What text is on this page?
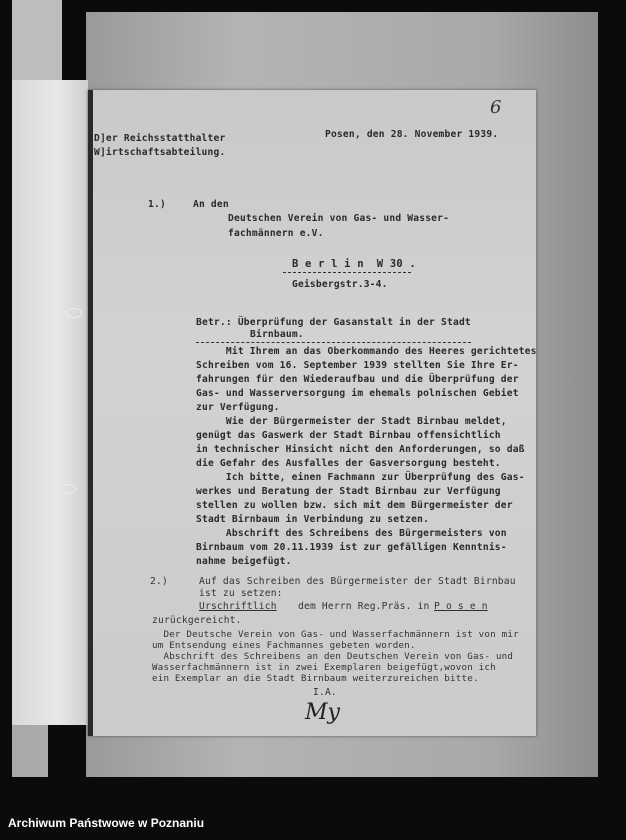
6
[D]er Reichsstatthalter
[W]irtschaftsabteilung.
Posen, den 28. November 1939.
1.)	An den
Deutschen Verein von Gas- und Wasser-
fachmännern e.V.
B e r l i n  W 30 .
Geisbergstr.3-4.
Betr.: Überprüfung der Gasanstalt in der Stadt
Birnbaum.
Mit Ihrem an das Oberkommando des Heeres gerichtetes
Schreiben vom 16. September 1939 stellten Sie Ihre Er-
fahrungen für den Wiederaufbau und die Überprüfung der
Gas- und Wasserversorgung im ehemals polnischen Gebiet
zur Verfügung.
Wie der Bürgermeister der Stadt Birnbau meldet,
genügt das Gaswerk der Stadt Birnbau offensichtlich
in technischer Hinsicht nicht den Anforderungen, so daß
die Gefahr des Ausfalles der Gasversorgung besteht.
Ich bitte, einen Fachmann zur Überprüfung des Gas-
werkes und Beratung der Stadt Birnbau zur Verfügung
stellen zu wollen bzw. sich mit dem Bürgermeister der
Stadt Birnbaum in Verbindung zu setzen.
Abschrift des Schreibens des Bürgermeisters von
Birnbaum vom 20.11.1939 ist zur gefälligen Kenntnis-
nahme beigefügt.
2.)	Auf das Schreiben des Bürgermeister der Stadt Birnbau
ist zu setzen:
Urschriftlich dem Herrn Reg.Präs. in P o s e n
zurückgereicht.
Der Deutsche Verein von Gas- und Wasserfachmännern ist von mir
um Entsendung eines Fachmannes gebeten worden.
Abschrift des Schreibens an den Deutschen Verein von Gas- und
Wasserfachmännern ist in zwei Exemplaren beigefügt,wovon ich
ein Exemplar an die Stadt Birnbaum weiterzureichen bitte.
I.A.
My
Archiwum Państwowe w Poznaniu
